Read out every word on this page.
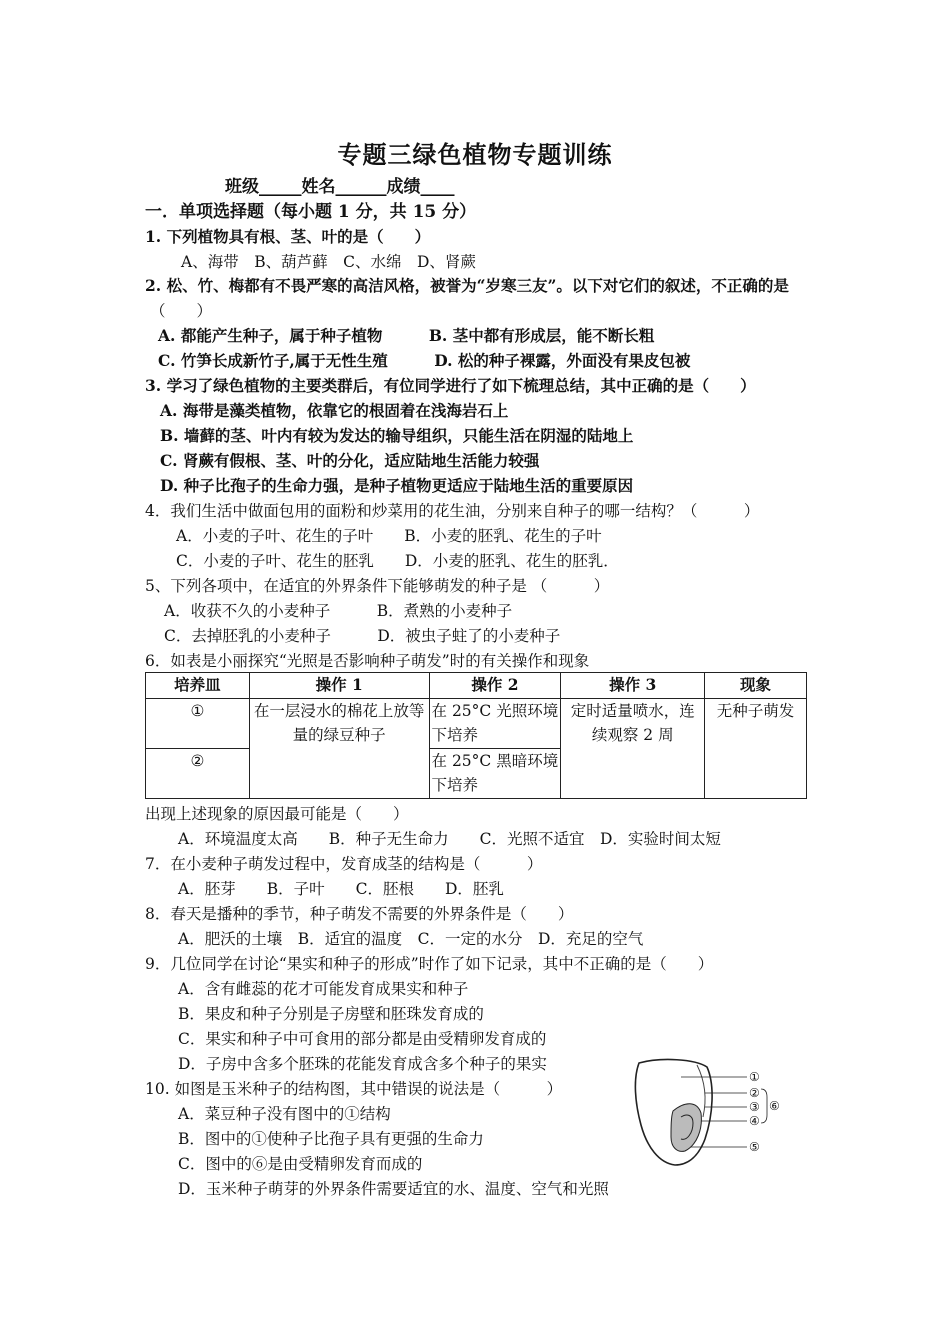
专题三绿色植物专题训练
班级_____姓名______成绩____
一．单项选择题（每小题 1 分，共 15 分）
1. 下列植物具有根、茎、叶的是（　　）
A、海带　B、葫芦藓　C、水绵　D、肾蕨
2. 松、竹、梅都有不畏严寒的高洁风格，被誉为“岁寒三友”。以下对它们的叙述，不正确的是
（　　）
A. 都能产生种子，属于种子植物　　　B. 茎中都有形成层，能不断长粗
C. 竹笋长成新竹子,属于无性生殖　　　D. 松的种子裸露，外面没有果皮包被
3. 学习了绿色植物的主要类群后，有位同学进行了如下梳理总结，其中正确的是（　　）
A. 海带是藻类植物，依靠它的根固着在浅海岩石上
B. 墙藓的茎、叶内有较为发达的输导组织，只能生活在阴湿的陆地上
C. 肾蕨有假根、茎、叶的分化，适应陆地生活能力较强
D. 种子比孢子的生命力强，是种子植物更适应于陆地生活的重要原因
4．我们生活中做面包用的面粉和炒菜用的花生油，分别来自种子的哪一结构？（　　　）
A．小麦的子叶、花生的子叶　　B．小麦的胚乳、花生的子叶
C．小麦的子叶、花生的胚乳　　D．小麦的胚乳、花生的胚乳．
5、下列各项中，在适宜的外界条件下能够萌发的种子是 （　　　）
A．收获不久的小麦种子　　　B．煮熟的小麦种子
C．去掉胚乳的小麦种子　　　D．被虫子蛀了的小麦种子
6．如表是小丽探究“光照是否影响种子萌发”时的有关操作和现象
培养皿	操作 1	操作 2	操作 3	现象
①	在一层浸水的棉花上放等量的绿豆种子	在 25°C 光照环境下培养	定时适量喷水，连续观察 2 周	无种子萌发
②		在 25°C 黑暗环境下培养		
出现上述现象的原因最可能是（　　）
A．环境温度太高　　B．种子无生命力　　C．光照不适宜　D．实验时间太短
7．在小麦种子萌发过程中，发育成茎的结构是（　　　）
A．胚芽　　B．子叶　　C．胚根　　D．胚乳
8．春天是播种的季节，种子萌发不需要的外界条件是（　　）
A．肥沃的土壤　B．适宜的温度　C．一定的水分　D．充足的空气
9．几位同学在讨论“果实和种子的形成”时作了如下记录，其中不正确的是（　　）
A．含有雌蕊的花才可能发育成果实和种子
B．果皮和种子分别是子房壁和胚珠发育成的
C．果实和种子中可食用的部分都是由受精卵发育成的
D．子房中含多个胚珠的花能发育成含多个种子的果实
10. 如图是玉米种子的结构图，其中错误的说法是（　　　）
A．菜豆种子没有图中的①结构
B．图中的①使种子比孢子具有更强的生命力
C．图中的⑥是由受精卵发育而成的
D．玉米种子萌芽的外界条件需要适宜的水、温度、空气和光照
①
②
③
④
⑤
⑥
